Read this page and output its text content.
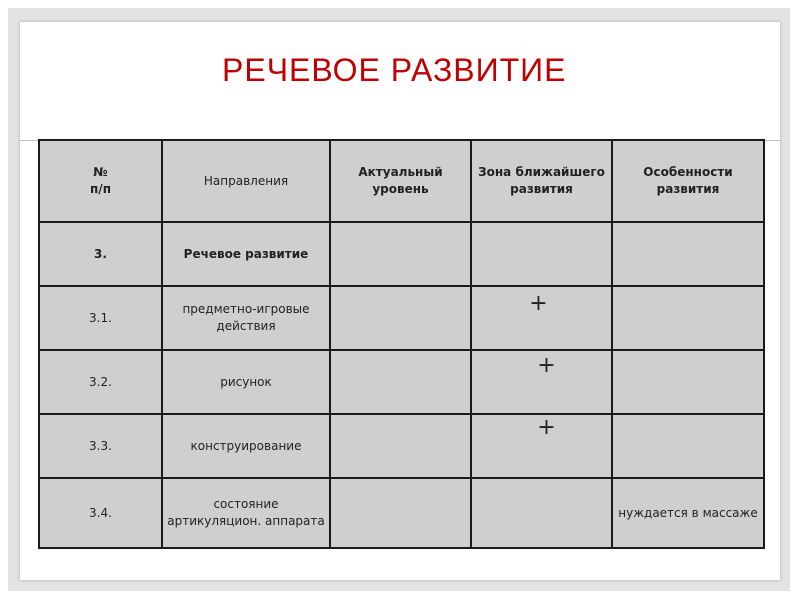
РЕЧЕВОЕ РАЗВИТИЕ
№
п/п	Направления	Актуальный уровень	Зона ближайшего развития	Особенности развития
3.	Речевое развитие			
3.1.	предметно-игровые действия		+	
3.2.	рисунок		+	
3.3.	конструирование		+	
3.4.	состояние артикуляцион. аппарата			нуждается в массаже
